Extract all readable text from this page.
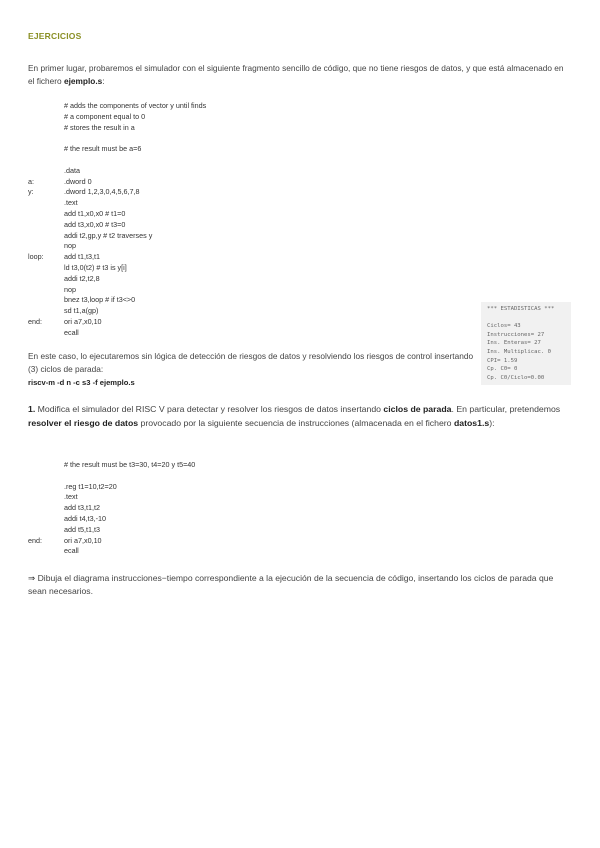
EJERCICIOS
En primer lugar, probaremos el simulador con el siguiente fragmento sencillo de código, que no tiene riesgos de datos, y que está almacenado en el fichero ejemplo.s:
# adds the components of vector y until finds
# a component equal to 0
# stores the result in a
# the result must be a=6
.data
a:	.dword 0
y:	.dword 1,2,3,0,4,5,6,7,8
.text
add t1,x0,x0 # t1=0
add t3,x0,x0 # t3=0
addi t2,gp,y # t2 traverses y
nop
loop:	add t1,t3,t1
ld t3,0(t2) # t3 is y[i]
addi t2,t2,8
nop
bnez t3,loop # if t3<>0
sd t1,a(gp)
end:	ori a7,x0,10
ecall
*** ESTADISTICAS ***

Ciclos= 43
Instrucciones= 27
Ins. Enteras= 27
Ins. Multiplicac. 0
CPI= 1.59
Cp. C0= 0
Cp. C0/Ciclo=0.00
En este caso, lo ejecutaremos sin lógica de detección de riesgos de datos y resolviendo los riesgos de control insertando (3) ciclos de parada:
riscv-m -d n -c s3 -f ejemplo.s
1. Modifica el simulador del RISC V para detectar y resolver los riesgos de datos insertando ciclos de parada. En particular, pretendemos resolver el riesgo de datos provocado por la siguiente secuencia de instrucciones (almacenada en el fichero datos1.s):
# the result must be t3=30, t4=20 y t5=40
.reg t1=10,t2=20
.text
add t3,t1,t2
addi t4,t3,-10
add t5,t1,t3
end:	ori a7,x0,10
ecall
⇒ Dibuja el diagrama instrucciones−tiempo correspondiente a la ejecución de la secuencia de código, insertando los ciclos de parada que sean necesarios.
